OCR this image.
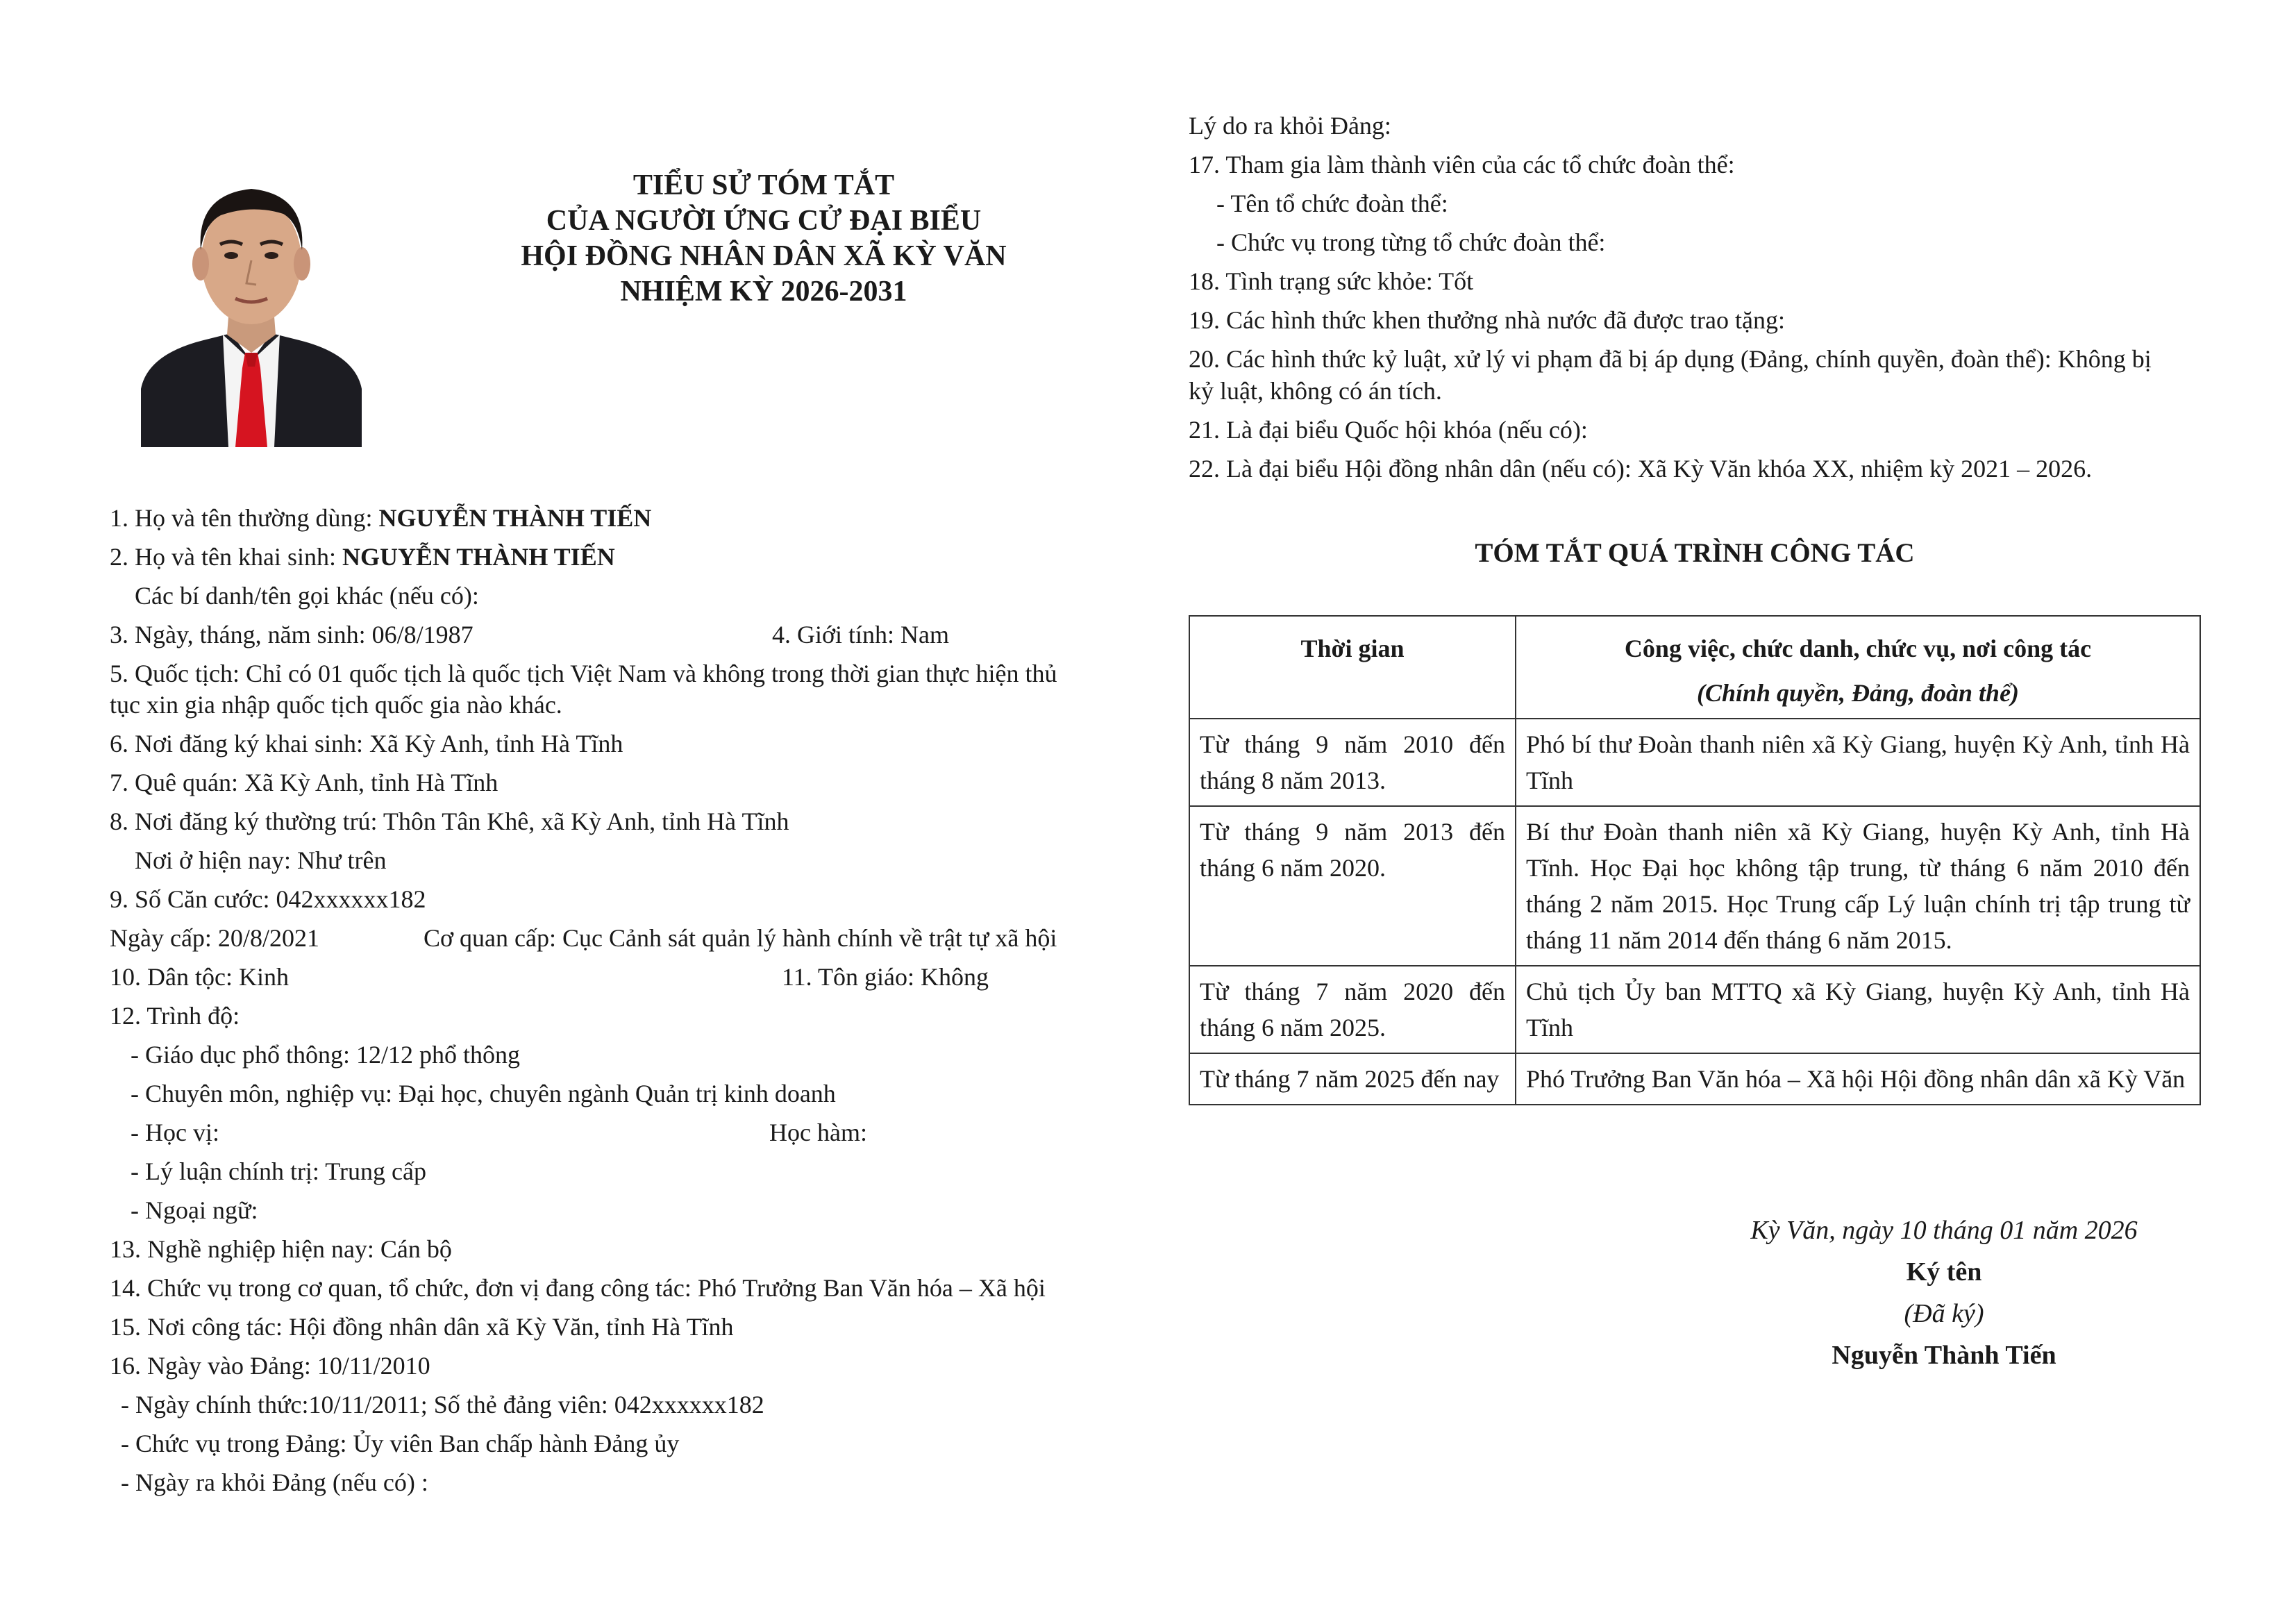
TIỂU SỬ TÓM TẮT
CỦA NGƯỜI ỨNG CỬ ĐẠI BIỂU
HỘI ĐỒNG NHÂN DÂN XÃ KỲ VĂN
NHIỆM KỲ 2026-2031
1. Họ và tên thường dùng: NGUYỄN THÀNH TIẾN
2. Họ và tên khai sinh: NGUYỄN THÀNH TIẾN
Các bí danh/tên gọi khác (nếu có):
3. Ngày, tháng, năm sinh: 06/8/1987	4. Giới tính: Nam
5. Quốc tịch: Chỉ có 01 quốc tịch là quốc tịch Việt Nam và không trong thời gian thực hiện thủ
tục xin gia nhập quốc tịch quốc gia nào khác.
6. Nơi đăng ký khai sinh: Xã Kỳ Anh, tỉnh Hà Tĩnh
7. Quê quán: Xã Kỳ Anh, tỉnh Hà Tĩnh
8. Nơi đăng ký thường trú: Thôn Tân Khê, xã Kỳ Anh, tỉnh Hà Tĩnh
Nơi ở hiện nay: Như trên
9. Số Căn cước: 042xxxxxx182
Ngày cấp: 20/8/2021	Cơ quan cấp: Cục Cảnh sát quản lý hành chính về trật tự xã hội
10. Dân tộc: Kinh	11. Tôn giáo: Không
12. Trình độ:
- Giáo dục phổ thông: 12/12 phổ thông
- Chuyên môn, nghiệp vụ: Đại học, chuyên ngành Quản trị kinh doanh
- Học vị:	Học hàm:
- Lý luận chính trị: Trung cấp
- Ngoại ngữ:
13. Nghề nghiệp hiện nay: Cán bộ
14. Chức vụ trong cơ quan, tổ chức, đơn vị đang công tác: Phó Trưởng Ban Văn hóa – Xã hội
15. Nơi công tác: Hội đồng nhân dân xã Kỳ Văn, tỉnh Hà Tĩnh
16. Ngày vào Đảng: 10/11/2010
- Ngày chính thức:10/11/2011; Số thẻ đảng viên: 042xxxxxx182
- Chức vụ trong Đảng: Ủy viên Ban chấp hành Đảng ủy
- Ngày ra khỏi Đảng (nếu có) :
Lý do ra khỏi Đảng:
17. Tham gia làm thành viên của các tổ chức đoàn thể:
- Tên tổ chức đoàn thể:
- Chức vụ trong từng tổ chức đoàn thể:
18. Tình trạng sức khỏe: Tốt
19. Các hình thức khen thưởng nhà nước đã được trao tặng:
20. Các hình thức kỷ luật, xử lý vi phạm đã bị áp dụng (Đảng, chính quyền, đoàn thể): Không bị
kỷ luật, không có án tích.
21. Là đại biểu Quốc hội khóa (nếu có):
22. Là đại biểu Hội đồng nhân dân (nếu có): Xã Kỳ Văn khóa XX, nhiệm kỳ 2021 – 2026.
TÓM TẮT QUÁ TRÌNH CÔNG TÁC
Thời gian	Công việc, chức danh, chức vụ, nơi công tác
(Chính quyền, Đảng, đoàn thể)
Từ tháng 9 năm 2010 đến tháng 8 năm 2013.	Phó bí thư Đoàn thanh niên xã Kỳ Giang, huyện Kỳ Anh, tỉnh Hà Tĩnh
Từ tháng 9 năm 2013 đến tháng 6 năm 2020.	Bí thư Đoàn thanh niên xã Kỳ Giang, huyện Kỳ Anh, tỉnh Hà Tĩnh. Học Đại học không tập trung, từ tháng 6 năm 2010 đến tháng 2 năm 2015. Học Trung cấp Lý luận chính trị tập trung từ tháng 11 năm 2014 đến tháng 6 năm 2015.
Từ tháng 7 năm 2020 đến tháng 6 năm 2025.	Chủ tịch Ủy ban MTTQ xã Kỳ Giang, huyện Kỳ Anh, tỉnh Hà Tĩnh
Từ tháng 7 năm 2025 đến nay	Phó Trưởng Ban Văn hóa – Xã hội Hội đồng nhân dân xã Kỳ Văn
Kỳ Văn, ngày 10 tháng 01 năm 2026
Ký tên
(Đã ký)
Nguyễn Thành Tiến
